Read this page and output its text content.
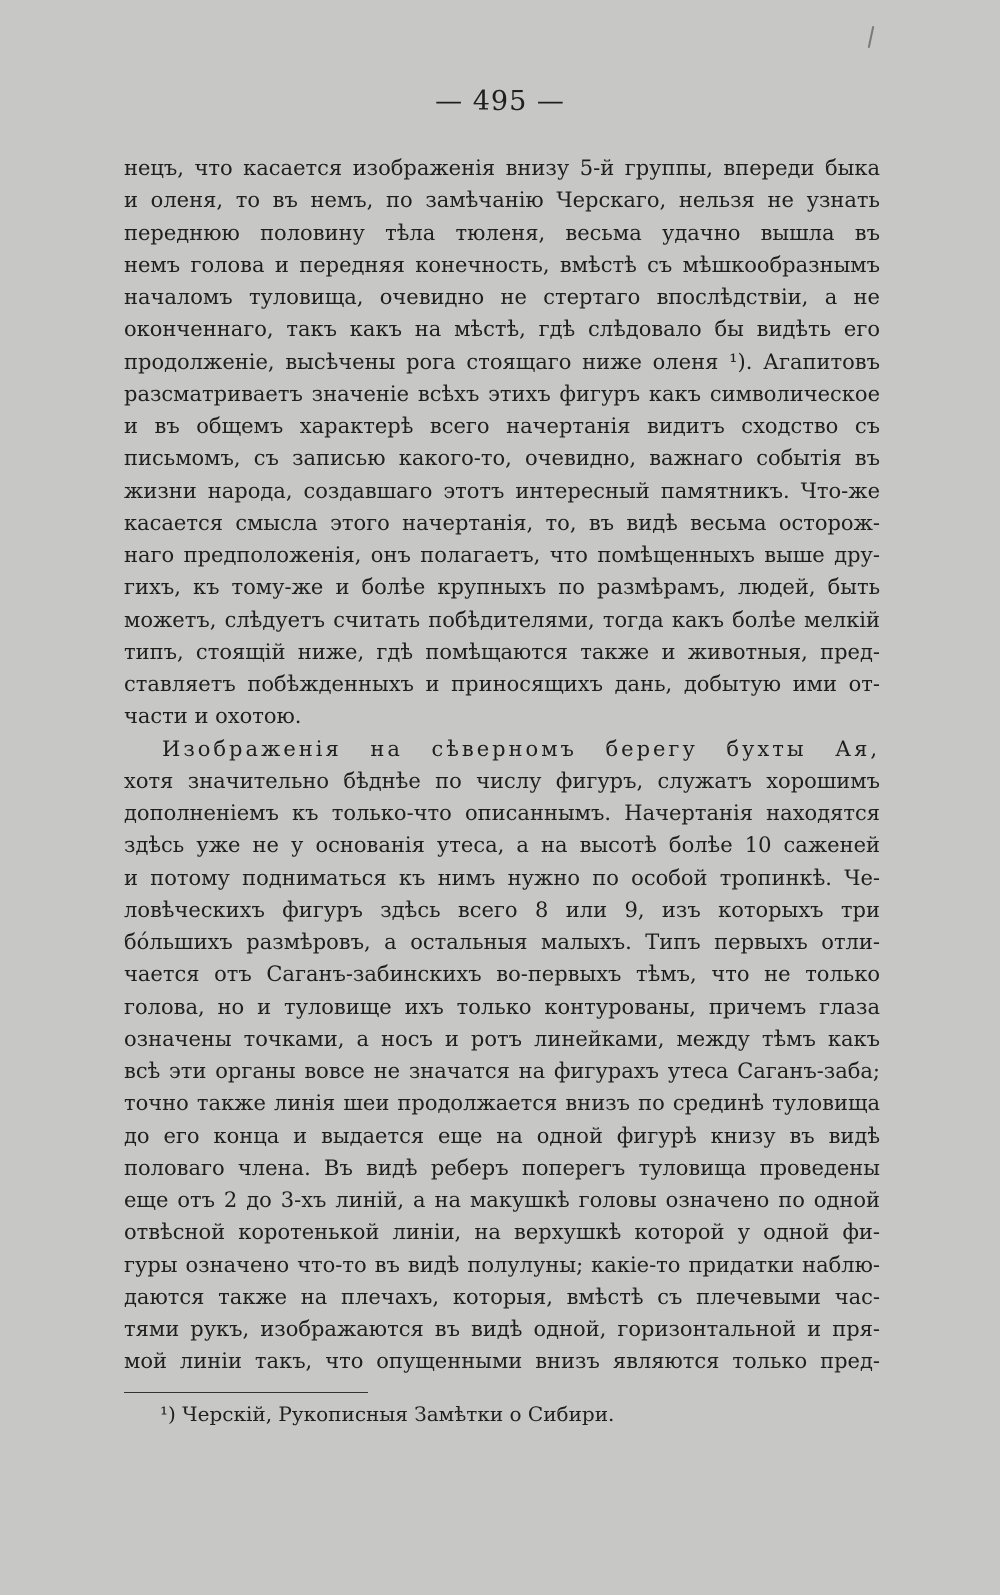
— 495 —
нецъ, что касается изображенія внизу 5-й группы, впереди быка
и оленя, то въ немъ, по замѣчанію Черскаго, нельзя не узнать
переднюю половину тѣла тюленя, весьма удачно вышла въ
немъ голова и передняя конечность, вмѣстѣ съ мѣшкообразнымъ
началомъ туловища, очевидно не стертаго впослѣдствіи, а не
оконченнаго, такъ какъ на мѣстѣ, гдѣ слѣдовало бы видѣть его
продолженіе, высѣчены рога стоящаго ниже оленя ¹). Агапитовъ
разсматриваетъ значеніе всѣхъ этихъ фигуръ какъ символическое
и въ общемъ характерѣ всего начертанія видитъ сходство съ
письмомъ, съ записью какого-то, очевидно, важнаго событія въ
жизни народа, создавшаго этотъ интересный памятникъ. Что-же
касается смысла этого начертанія, то, въ видѣ весьма осторож-
наго предположенія, онъ полагаетъ, что помѣщенныхъ выше дру-
гихъ, къ тому-же и болѣе крупныхъ по размѣрамъ, людей, быть
можетъ, слѣдуетъ считать побѣдителями, тогда какъ болѣе мелкій
типъ, стоящій ниже, гдѣ помѣщаются также и животныя, пред-
ставляетъ побѣжденныхъ и приносящихъ дань, добытую ими от-
части и охотою.
Изображенія на сѣверномъ берегу бухты Ая,
хотя значительно бѣднѣе по числу фигуръ, служатъ хорошимъ
дополненіемъ къ только-что описаннымъ. Начертанія находятся
здѣсь уже не у основанія утеса, а на высотѣ болѣе 10 саженей
и потому подниматься къ нимъ нужно по особой тропинкѣ. Че-
ловѣческихъ фигуръ здѣсь всего 8 или 9, изъ которыхъ три
бо́льшихъ размѣровъ, а остальныя малыхъ. Типъ первыхъ отли-
чается отъ Саганъ-забинскихъ во-первыхъ тѣмъ, что не только
голова, но и туловище ихъ только контурованы, причемъ глаза
означены точками, а носъ и ротъ линейками, между тѣмъ какъ
всѣ эти органы вовсе не значатся на фигурахъ утеса Саганъ-заба;
точно также линія шеи продолжается внизъ по срединѣ туловища
до его конца и выдается еще на одной фигурѣ книзу въ видѣ
половаго члена. Въ видѣ реберъ поперегъ туловища проведены
еще отъ 2 до 3-хъ линій, а на макушкѣ головы означено по одной
отвѣсной коротенькой линіи, на верхушкѣ которой у одной фи-
гуры означено что-то въ видѣ полулуны; какіе-то придатки наблю-
даются также на плечахъ, которыя, вмѣстѣ съ плечевыми час-
тями рукъ, изображаются въ видѣ одной, горизонтальной и пря-
мой линіи такъ, что опущенными внизъ являются только пред-
¹) Черскій, Рукописныя Замѣтки о Сибири.
